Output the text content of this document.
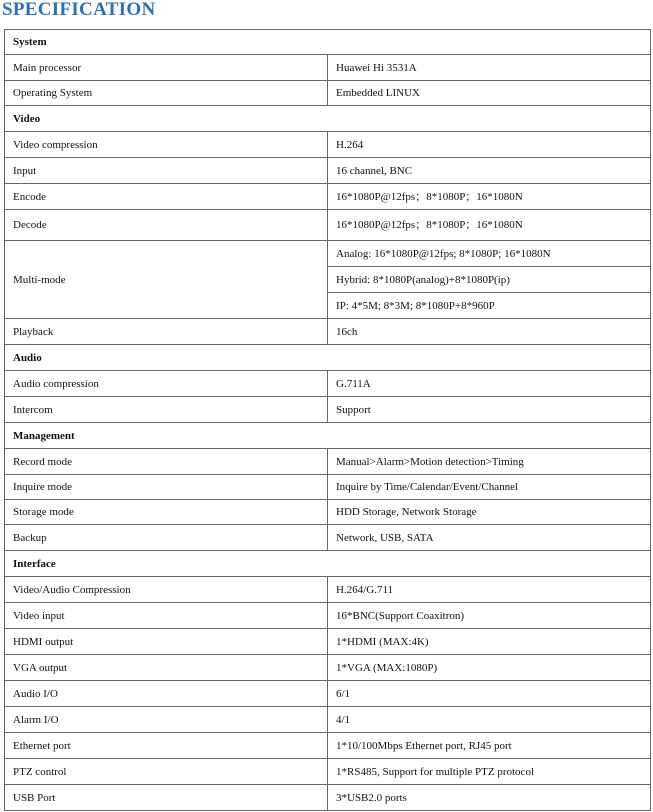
SPECIFICATION
System	
Main processor	Huawei Hi 3531A
Operating System	Embedded LINUX
Video	
Video compression	H.264
Input	16 channel, BNC
Encode	16*1080P@12fps；8*1080P；16*1080N
Decode	16*1080P@12fps；8*1080P；16*1080N
Multi-mode	Analog: 16*1080P@12fps; 8*1080P; 16*1080N
	Hybrid: 8*1080P(analog)+8*1080P(ip)
	IP: 4*5M; 8*3M; 8*1080P+8*960P
Playback	16ch
Audio	
Audio compression	G.711A
Intercom	Support
Management	
Record mode	Manual>Alarm>Motion detection>Timing
Inquire mode	Inquire by Time/Calendar/Event/Channel
Storage mode	HDD Storage, Network Storage
Backup	Network, USB, SATA
Interface	
Video/Audio Compression	H.264/G.711
Video input	16*BNC(Support Coaxitron)
HDMI output	1*HDMI (MAX:4K)
VGA output	1*VGA (MAX:1080P)
Audio I/O	6/1
Alarm I/O	4/1
Ethernet port	1*10/100Mbps Ethernet port, RJ45 port
PTZ control	1*RS485, Support for multiple PTZ protocol
USB Port	3*USB2.0 ports
